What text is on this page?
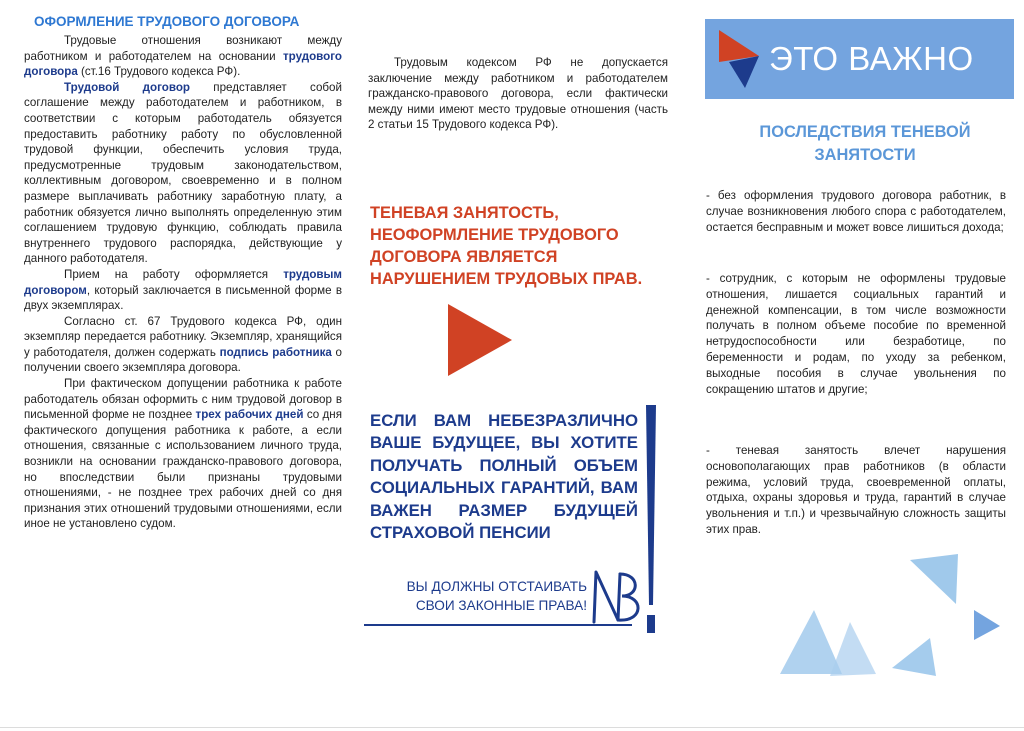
ОФОРМЛЕНИЕ ТРУДОВОГО ДОГОВОРА

Трудовые отношения возникают между работником и работодателем на основании трудового договора (ст.16 Трудового кодекса РФ).

Трудовой договор представляет собой соглашение между работодателем и работником, в соответствии с которым работодатель обязуется предоставить работнику работу по обусловленной трудовой функции, обеспечить условия труда, предусмотренные трудовым законодательством, коллективным договором, своевременно и в полном размере выплачивать работнику заработную плату, а работник обязуется лично выполнять определенную этим соглашением трудовую функцию, соблюдать правила внутреннего трудового распорядка, действующие у данного работодателя.

Прием на работу оформляется трудовым договором, который заключается в письменной форме в двух экземплярах.

Согласно ст. 67 Трудового кодекса РФ, один экземпляр передается работнику. Экземпляр, хранящийся у работодателя, должен содержать подпись работника о получении своего экземпляра договора.

При фактическом допущении работника к работе работодатель обязан оформить с ним трудовой договор в письменной форме не позднее трех рабочих дней со дня фактического допущения работника к работе, а если отношения, связанные с использованием личного труда, возникли на основании гражданско-правового договора, но впоследствии были признаны трудовыми отношениями, - не позднее трех рабочих дней со дня признания этих отношений трудовыми отношениями, если иное не установлено судом.

Трудовым кодексом РФ не допускается заключение между работником и работодателем гражданско-правового договора, если фактически между ними имеют место трудовые отношения (часть 2 статьи 15 Трудового кодекса РФ).
ТЕНЕВАЯ ЗАНЯТОСТЬ, НЕОФОРМЛЕНИЕ ТРУДОВОГО ДОГОВОРА ЯВЛЯЕТСЯ НАРУШЕНИЕМ ТРУДОВЫХ ПРАВ.
ЕСЛИ ВАМ НЕБЕЗРАЗЛИЧНО ВАШЕ БУДУЩЕЕ, ВЫ ХОТИТЕ ПОЛУЧАТЬ ПОЛНЫЙ ОБЪЕМ СОЦИАЛЬНЫХ ГАРАНТИЙ, ВАМ ВАЖЕН РАЗМЕР БУДУЩЕЙ СТРАХОВОЙ ПЕНСИИ
ВЫ ДОЛЖНЫ ОТСТАИВАТЬ СВОИ ЗАКОННЫЕ ПРАВА!
NB
!
ЭТО ВАЖНО
ПОСЛЕДСТВИЯ ТЕНЕВОЙ ЗАНЯТОСТИ

- без оформления трудового договора работник, в случае возникновения любого спора с работодателем, остается бесправным и может вовсе лишиться дохода;

- сотрудник, с которым не оформлены трудовые отношения, лишается социальных гарантий и денежной компенсации, в том числе возможности получать в полном объеме пособие по временной нетрудоспособности или безработице, по беременности и родам, по уходу за ребенком, выходные пособия в случае увольнения по сокращению штатов и другие;

- теневая занятость влечет нарушения основополагающих прав работников (в области режима, условий труда, своевременной оплаты, отдыха, охраны здоровья и труда, гарантий в случае увольнения и т.п.) и чрезвычайную сложность защиты этих прав.
